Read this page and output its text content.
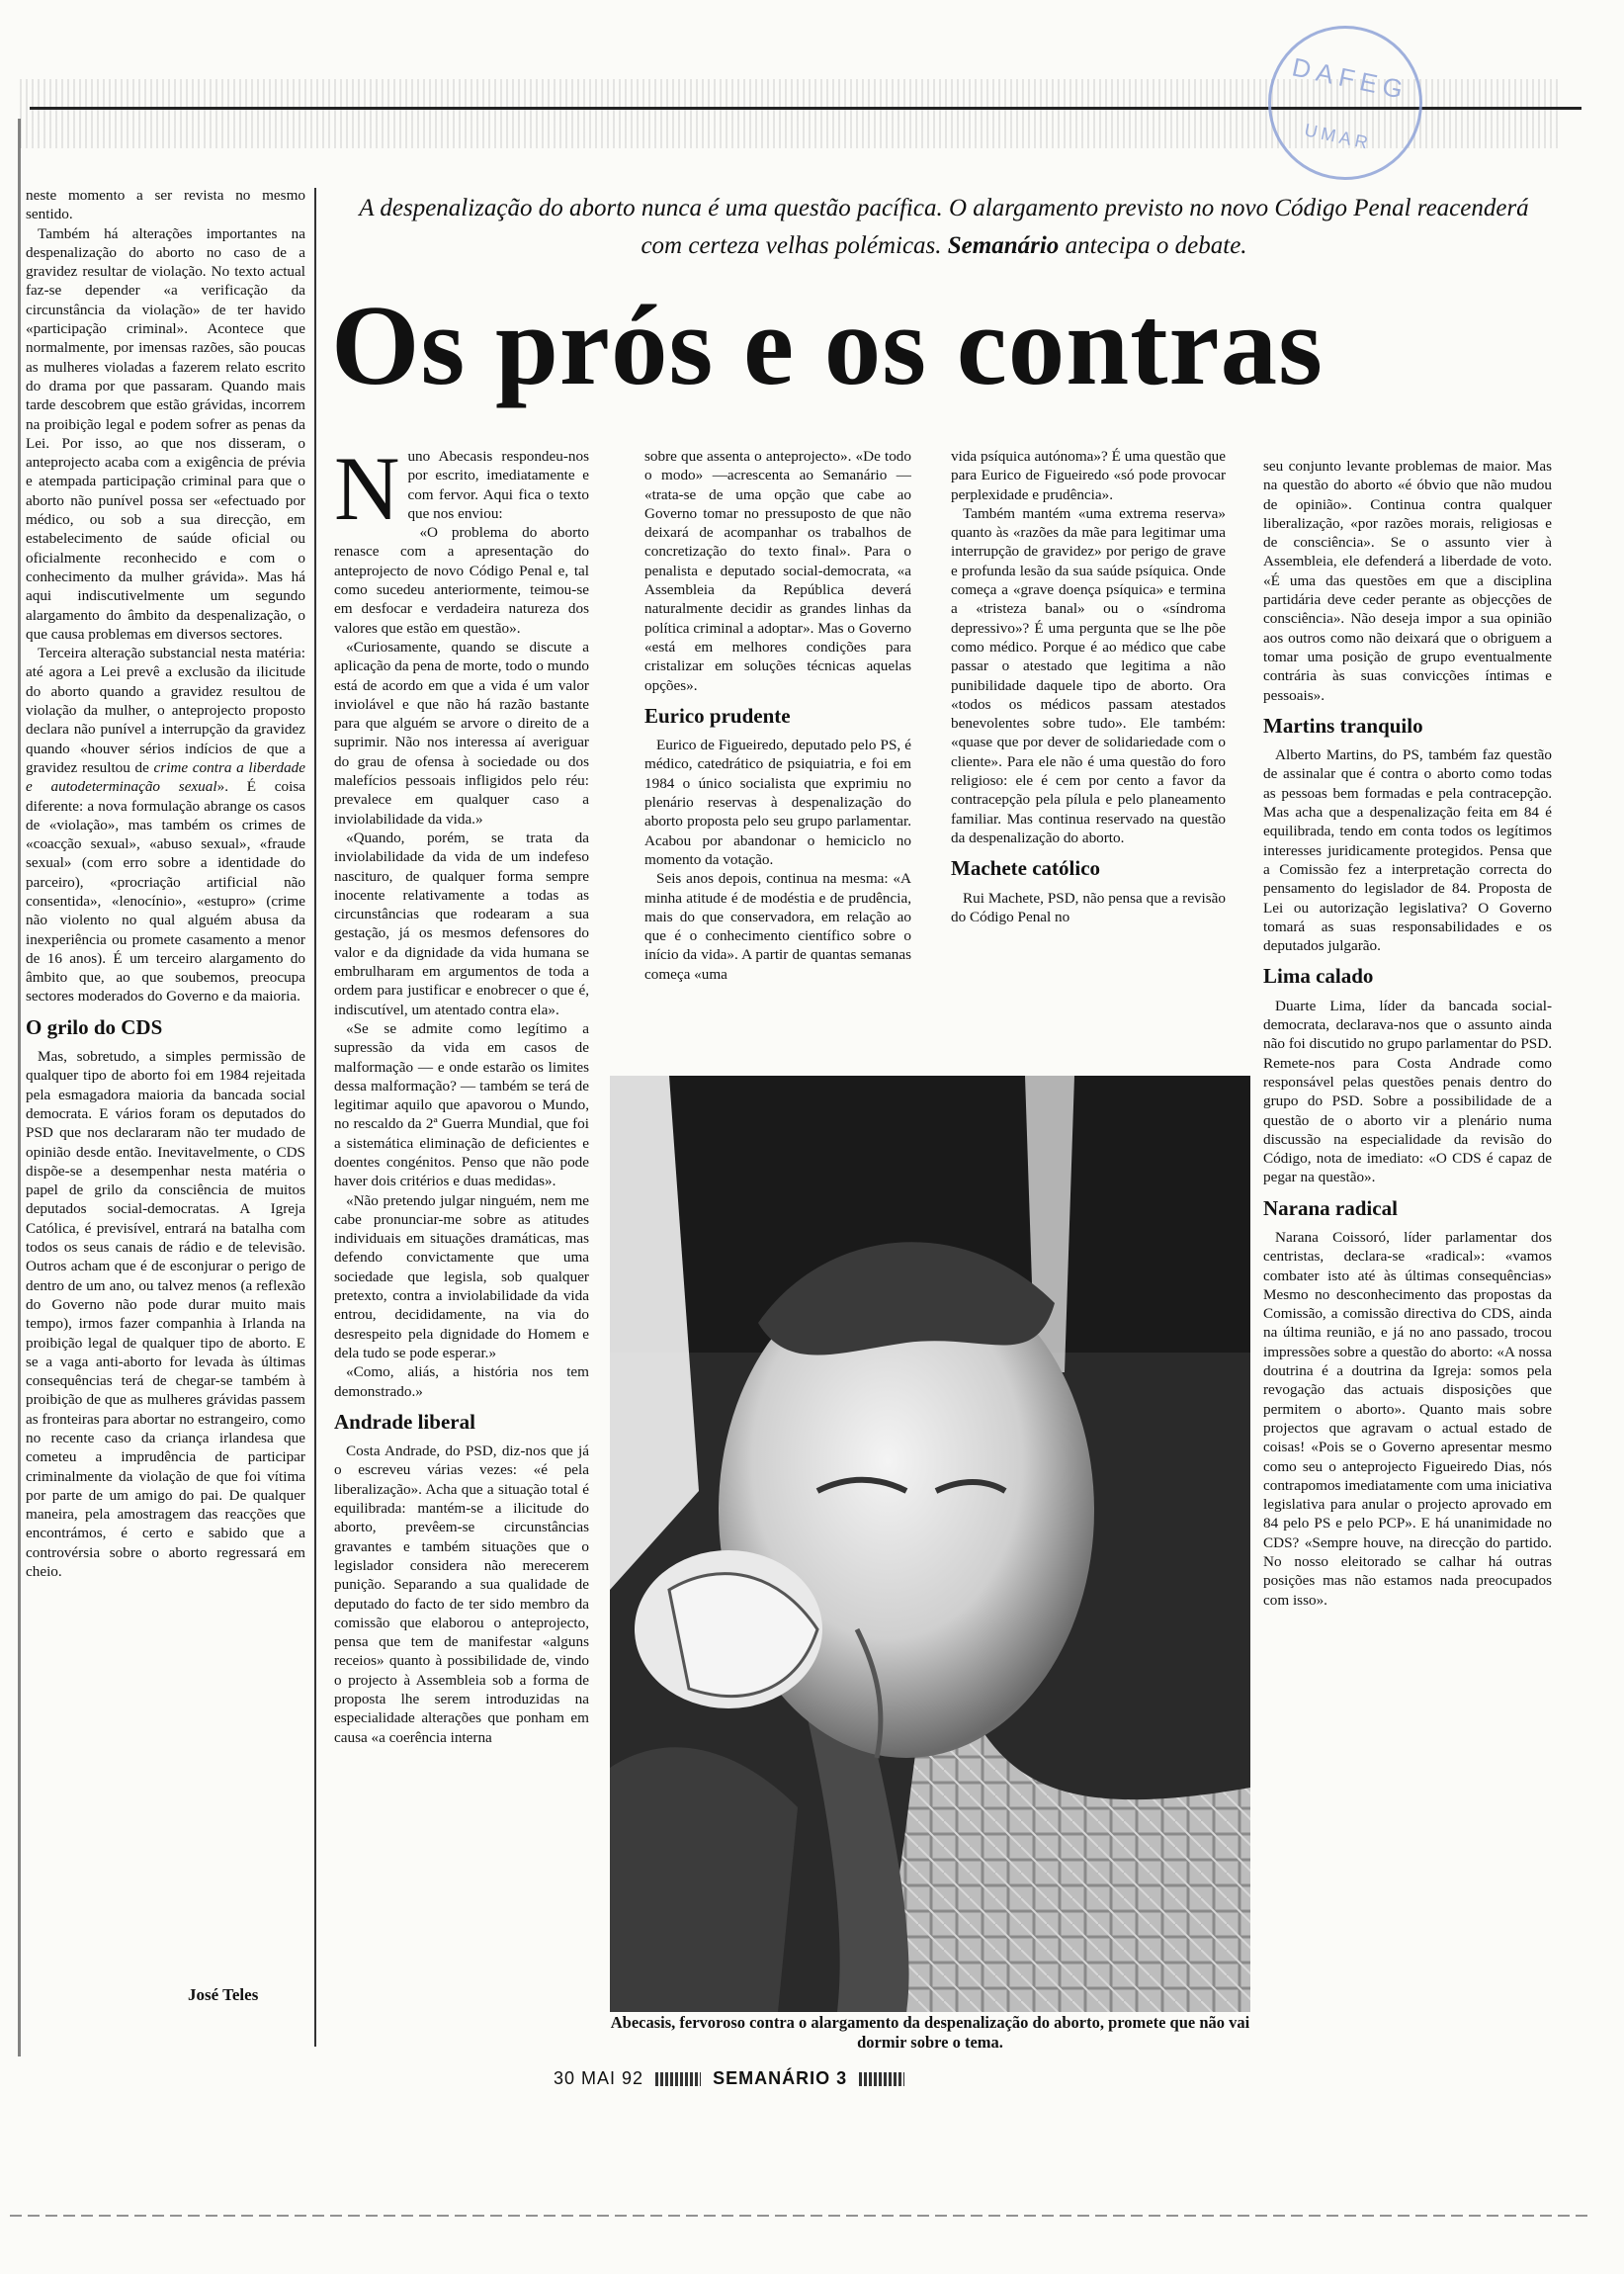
DAFEG
UMAR
A despenalização do aborto nunca é uma questão pacífica. O alargamento previsto no novo Código Penal reacenderá com certeza velhas polémicas. Semanário antecipa o debate.
Os prós e os contras

neste momento a ser revista no mesmo sentido.

Também há alterações importantes na despenalização do aborto no caso de a gravidez resultar de violação. No texto actual faz-se depender «a verificação da circunstância da violação» de ter havido «participação criminal». Acontece que normalmente, por imensas razões, são poucas as mulheres violadas a fazerem relato escrito do drama por que passaram. Quando mais tarde descobrem que estão grávidas, incorrem na proibição legal e podem sofrer as penas da Lei. Por isso, ao que nos disseram, o anteprojecto acaba com a exigência de prévia e atempada participação criminal para que o aborto não punível possa ser «efectuado por médico, ou sob a sua direcção, em estabelecimento de saúde oficial ou oficialmente reconhecido e com o conhecimento da mulher grávida». Mas há aqui indiscutivelmente um segundo alargamento do âmbito da despenalização, o que causa problemas em diversos sectores.

Terceira alteração substancial nesta matéria: até agora a Lei prevê a exclusão da ilicitude do aborto quando a gravidez resultou de violação da mulher, o anteprojecto proposto declara não punível a interrupção da gravidez quando «houver sérios indícios de que a gravidez resultou de crime contra a liberdade e autodeterminação sexual». É coisa diferente: a nova formulação abrange os casos de «violação», mas também os crimes de «coacção sexual», «abuso sexual», «fraude sexual» (com erro sobre a identidade do parceiro), «procriação artificial não consentida», «lenocínio», «estupro» (crime não violento no qual alguém abusa da inexperiência ou promete casamento a menor de 16 anos). É um terceiro alargamento do âmbito que, ao que soubemos, preocupa sectores moderados do Governo e da maioria.

O grilo do CDS

Mas, sobretudo, a simples permissão de qualquer tipo de aborto foi em 1984 rejeitada pela esmagadora maioria da bancada social democrata. E vários foram os deputados do PSD que nos declararam não ter mudado de opinião desde então. Inevitavelmente, o CDS dispõe-se a desempenhar nesta matéria o papel de grilo da consciência de muitos deputados social-democratas. A Igreja Católica, é previsível, entrará na batalha com todos os seus canais de rádio e de televisão. Outros acham que é de esconjurar o perigo de dentro de um ano, ou talvez menos (a reflexão do Governo não pode durar muito mais tempo), irmos fazer companhia à Irlanda na proibição legal de qualquer tipo de aborto. E se a vaga anti-aborto for levada às últimas consequências terá de chegar-se também à proibição de que as mulheres grávidas passem as fronteiras para abortar no estrangeiro, como no recente caso da criança irlandesa que cometeu a imprudência de participar criminalmente da violação de que foi vítima por parte de um amigo do pai. De qualquer maneira, pela amostragem das reacções que encontrámos, é certo e sabido que a controvérsia sobre o aborto regressará em cheio.

José Teles

Nuno Abecasis respondeu-nos por escrito, imediatamente e com fervor. Aqui fica o texto que nos enviou:

«O problema do aborto renasce com a apresentação do anteprojecto de novo Código Penal e, tal como sucedeu anteriormente, teimou-se em desfocar e verdadeira natureza dos valores que estão em questão».

«Curiosamente, quando se discute a aplicação da pena de morte, todo o mundo está de acordo em que a vida é um valor inviolável e que não há razão bastante para que alguém se arvore o direito de a suprimir. Não nos interessa aí averiguar do grau de ofensa à sociedade ou dos malefícios pessoais infligidos pelo réu: prevalece em qualquer caso a inviolabilidade da vida.»

«Quando, porém, se trata da inviolabilidade da vida de um indefeso nascituro, de qualquer forma sempre inocente relativamente a todas as circunstâncias que rodearam a sua gestação, já os mesmos defensores do valor e da dignidade da vida humana se embrulharam em argumentos de toda a ordem para justificar e enobrecer o que é, indiscutível, um atentado contra ela».

«Se se admite como legítimo a supressão da vida em casos de malformação — e onde estarão os limites dessa malformação? — também se terá de legitimar aquilo que apavorou o Mundo, no rescaldo da 2ª Guerra Mundial, que foi a sistemática eliminação de deficientes e doentes congénitos. Penso que não pode haver dois critérios e duas medidas».

«Não pretendo julgar ninguém, nem me cabe pronunciar-me sobre as atitudes individuais em situações dramáticas, mas defendo convictamente que uma sociedade que legisla, sob qualquer pretexto, contra a inviolabilidade da vida entrou, decididamente, na via do desrespeito pela dignidade do Homem e dela tudo se pode esperar.»

«Como, aliás, a história nos tem demonstrado.»

Andrade liberal

Costa Andrade, do PSD, diz-nos que já o escreveu várias vezes: «é pela liberalização». Acha que a situação total é equilibrada: mantém-se a ilicitude do aborto, prevêem-se circunstâncias gravantes e também situações que o legislador considera não merecerem punição. Separando a sua qualidade de deputado do facto de ter sido membro da comissão que elaborou o anteprojecto, pensa que tem de manifestar «alguns receios» quanto à possibilidade de, vindo o projecto à Assembleia sob a forma de proposta lhe serem introduzidas na especialidade alterações que ponham em causa «a coerência interna

sobre que assenta o anteprojecto». «De todo o modo» —acrescenta ao Semanário — «trata-se de uma opção que cabe ao Governo tomar no pressuposto de que não deixará de acompanhar os trabalhos de concretização do texto final». Para o penalista e deputado social-democrata, «a Assembleia da República deverá naturalmente decidir as grandes linhas da política criminal a adoptar». Mas o Governo «está em melhores condições para cristalizar em soluções técnicas aquelas opções».

Eurico prudente

Eurico de Figueiredo, deputado pelo PS, é médico, catedrático de psiquiatria, e foi em 1984 o único socialista que exprimiu no plenário reservas à despenalização do aborto proposta pelo seu grupo parlamentar. Acabou por abandonar o hemiciclo no momento da votação.

Seis anos depois, continua na mesma: «A minha atitude é de modéstia e de prudência, mais do que conservadora, em relação ao que é o conhecimento científico sobre o início da vida». A partir de quantas semanas começa «uma

vida psíquica autónoma»? É uma questão que para Eurico de Figueiredo «só pode provocar perplexidade e prudência».

Também mantém «uma extrema reserva» quanto às «razões da mãe para legitimar uma interrupção de gravidez» por perigo de grave e profunda lesão da sua saúde psíquica. Onde começa a «grave doença psíquica» e termina a «tristeza banal» ou o «síndroma depressivo»? É uma pergunta que se lhe põe como médico. Porque é ao médico que cabe passar o atestado que legitima a não punibilidade daquele tipo de aborto. Ora «todos os médicos passam atestados benevolentes sobre tudo». Ele também: «quase que por dever de solidariedade com o cliente». Para ele não é uma questão do foro religioso: ele é cem por cento a favor da contracepção pela pílula e pelo planeamento familiar. Mas continua reservado na questão da despenalização do aborto.

Machete católico

Rui Machete, PSD, não pensa que a revisão do Código Penal no

seu conjunto levante problemas de maior. Mas na questão do aborto «é óbvio que não mudou de opinião». Continua contra qualquer liberalização, «por razões morais, religiosas e de consciência». Se o assunto vier à Assembleia, ele defenderá a liberdade de voto. «É uma das questões em que a disciplina partidária deve ceder perante as objecções de consciência». Não deseja impor a sua opinião aos outros como não deixará que o obriguem a tomar uma posição de grupo eventualmente contrária às suas convicções íntimas e pessoais».

Martins tranquilo

Alberto Martins, do PS, também faz questão de assinalar que é contra o aborto como todas as pessoas bem formadas e pela contracepção. Mas acha que a despenalização feita em 84 é equilibrada, tendo em conta todos os legítimos interesses juridicamente protegidos. Pensa que a Comissão fez a interpretação correcta do pensamento do legislador de 84. Proposta de Lei ou autorização legislativa? O Governo tomará as suas responsabilidades e os deputados julgarão.

Lima calado

Duarte Lima, líder da bancada social-democrata, declarava-nos que o assunto ainda não foi discutido no grupo parlamentar do PSD. Remete-nos para Costa Andrade como responsável pelas questões penais dentro do grupo do PSD. Sobre a possibilidade de a questão de o aborto vir a plenário numa discussão na especialidade da revisão do Código, nota de imediato: «O CDS é capaz de pegar na questão».

Narana radical

Narana Coissoró, líder parlamentar dos centristas, declara-se «radical»: «vamos combater isto até às últimas consequências» Mesmo no desconhecimento das propostas da Comissão, a comissão directiva do CDS, ainda na última reunião, e já no ano passado, trocou impressões sobre a questão do aborto: «A nossa doutrina é a doutrina da Igreja: somos pela revogação das actuais disposições que permitem o aborto». Quanto mais sobre projectos que agravam o actual estado de coisas! «Pois se o Governo apresentar mesmo como seu o anteprojecto Figueiredo Dias, nós contrapomos imediatamente com uma iniciativa legislativa para anular o projecto aprovado em 84 pelo PS e pelo PCP». E há unanimidade no CDS? «Sempre houve, na direcção do partido. No nosso eleitorado se calhar há outras posições mas não estamos nada preocupados com isso».

Abecasis, fervoroso contra o alargamento da despenalização do aborto, promete que não vai dormir sobre o tema.
30 MAI 92	SEMANÁRIO 3
